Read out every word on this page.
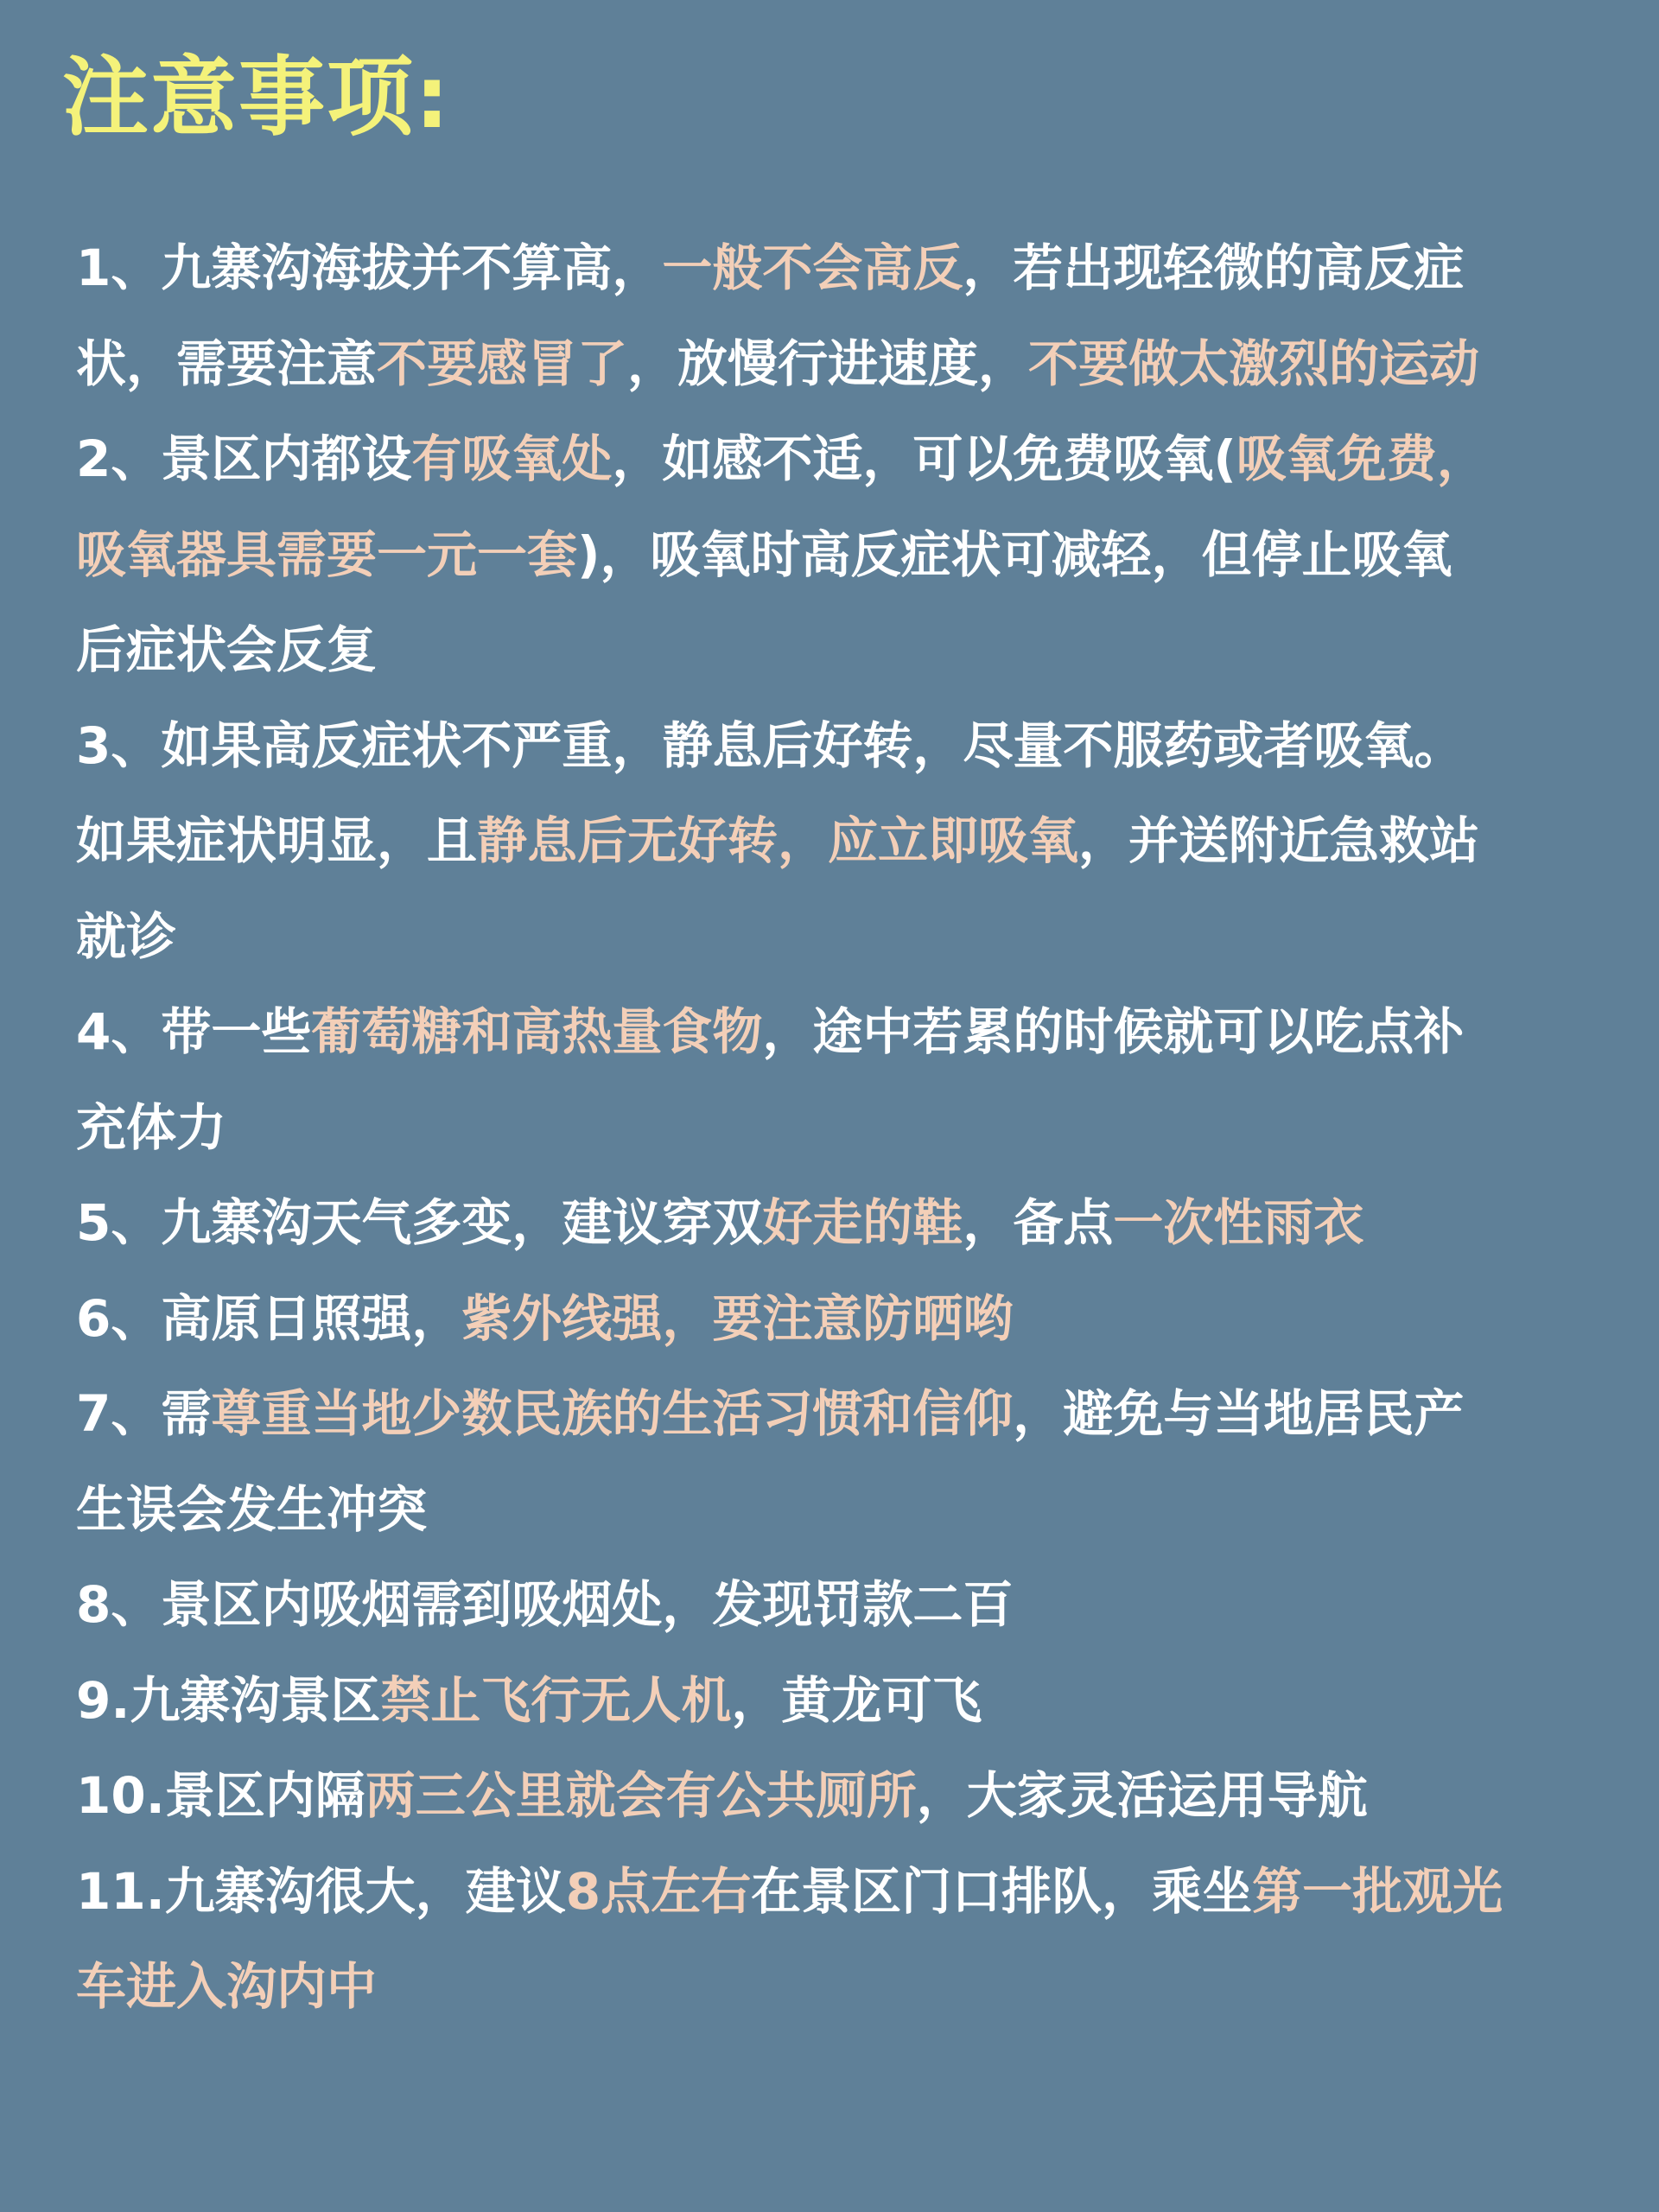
注意事项:
1、九寨沟海拔并不算高，一般不会高反，若出现轻微的高反症
状，需要注意不要感冒了，放慢行进速度，不要做太激烈的运动
2、景区内都设有吸氧处，如感不适，可以免费吸氧(吸氧免费，
吸氧器具需要一元一套)，吸氧时高反症状可减轻，但停止吸氧
后症状会反复
3、如果高反症状不严重，静息后好转，尽量不服药或者吸氧。
如果症状明显，且静息后无好转，应立即吸氧，并送附近急救站
就诊
4、带一些葡萄糖和高热量食物，途中若累的时候就可以吃点补
充体力
5、九寨沟天气多变，建议穿双好走的鞋，备点一次性雨衣
6、高原日照强，紫外线强，要注意防晒哟
7、需尊重当地少数民族的生活习惯和信仰，避免与当地居民产
生误会发生冲突
8、景区内吸烟需到吸烟处，发现罚款二百
9.九寨沟景区禁止飞行无人机，黄龙可飞
10.景区内隔两三公里就会有公共厕所，大家灵活运用导航
11.九寨沟很大，建议8点左右在景区门口排队，乘坐第一批观光
车进入沟内中
